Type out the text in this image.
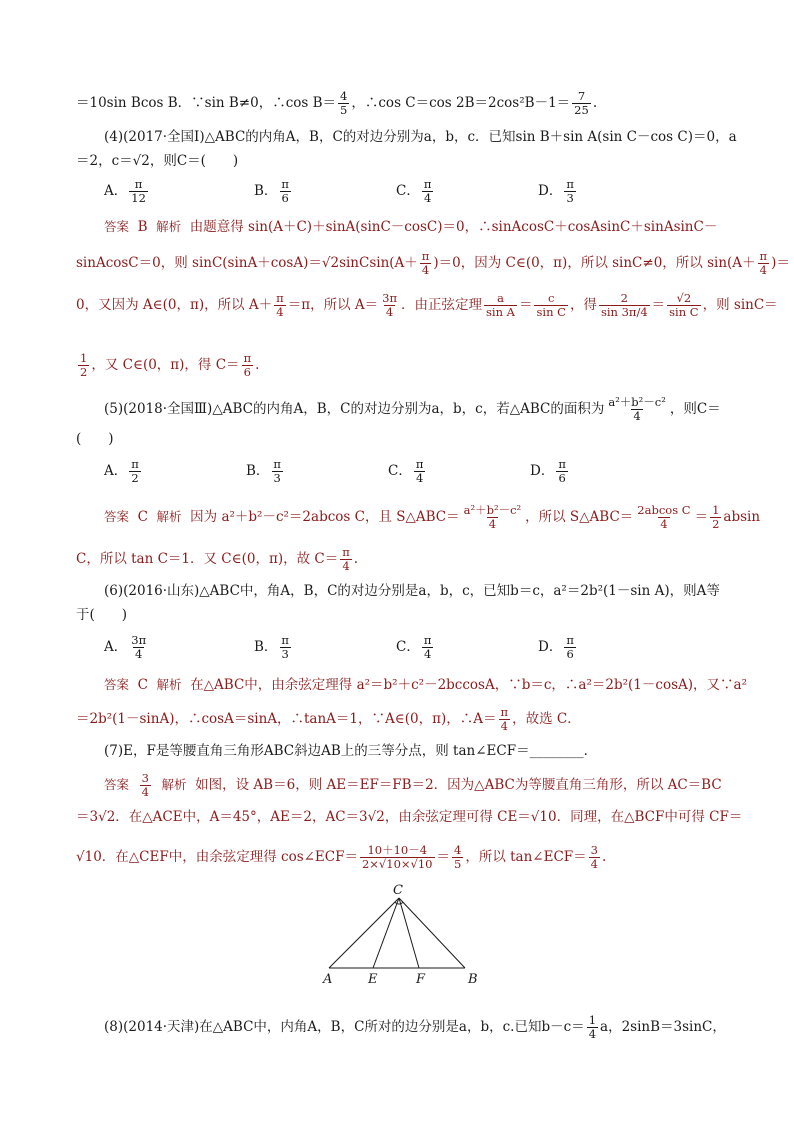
＝10sin Bcos B．∵sin B≠0，∴cos $B= \frac{4}{5}$ ，∴cos C＝cos $2B=2\cos^2B-1= \frac{7}{25}$ .
(4)(2017·全国Ⅰ)△ABC的内角A，B，C的对边分别为a，b，c．已知sin B＋sin A(sin C－cos C)＝0，a
＝2，c＝√2，则C＝(　　)
A． $\frac{\pi}{12}$	B． $\frac{\pi}{6}$	C． $\frac{\pi}{4}$	D． $\frac{\pi}{3}$
答案 B 解析 由题意得 sin(A＋C)＋sinA(sinC－cosC)＝0，∴sinAcosC＋cosAsinC＋sinAsinC－
sinAcosC＝0，则 sinC(sinA＋cosA)＝√2sinCsin(A＋ $\frac{\pi}{4} )=0$，因为 C∈(0，π)，所以 sinC≠0，所以 $\sin(A+ \frac{\pi}{4}$ )＝
0，又因为 A∈(0，π)，所以 $A+ \frac{\pi}{4} =\pi$，所以 $A= \frac{3\pi}{4}$ ．由正弦定理 $\frac{a}{\text{sin A}} = \frac{c}{\text{sin C}}$ ，得 $\frac{2}{\sin 3\pi/4} = \frac{√2}{\text{sin C}}$ ，则 sinC＝
$\frac{1}{2}$ ，又 C∈(0，π)，得 $C= \frac{\pi}{6}$ .
(5)(2018·全国Ⅲ)△ABC的内角A，B，C的对边分别为a，b，c，若△ABC的面积为 $\frac{\text{a²＋b²－c²}}{4}$ ，则C＝
(　　)
A． $\frac{\pi}{2}$	B． $\frac{\pi}{3}$	C． $\frac{\pi}{4}$	D． $\frac{\pi}{6}$
答案 C 解析 因为 a²＋b²－c²＝2abcos C，且 S△ABC＝ $\frac{\text{a²＋b²－c²}}{4}$ ，所以 S△ABC＝ $\frac{\text{2abcos C}}{4} = \frac{1}{2}$ absin
C，所以 tan C＝1．又 C∈(0，π)，故 $C= \frac{\pi}{4}$ .
(6)(2016·山东)△ABC中，角A，B，C的对边分别是a，b，c，已知b＝c，a²＝2b²(1－sin A)，则A等
于(　　)
A． $\frac{3\pi}{4}$	B． $\frac{\pi}{3}$	C． $\frac{\pi}{4}$	D． $\frac{\pi}{6}$
答案 C 解析 在△ABC中，由余弦定理得 a²＝b²＋c²－2bccosA，∵b＝c，∴a²＝2b²(1－cosA)，又∵a²
＝2b²(1－sinA)，∴cosA＝sinA，∴tanA＝1，∵A∈(0，π)，∴A＝ $\frac{\pi}{4}$ ，故选 C．
(7)E，F是等腰直角三角形ABC斜边AB上的三等分点，则 tan∠ECF＝________．
答案 $\frac{3}{4}$ 解析 如图，设 AB＝6，则 AE＝EF＝FB＝2．因为△ABC为等腰直角三角形，所以 AC＝BC
＝3√2．在△ACE中，A＝45°，AE＝2，AC＝3√2，由余弦定理可得 CE＝√10．同理，在△BCF中可得 CF＝
√10．在△CEF中，由余弦定理得 cos∠ECF＝ $\frac{10+10-4}{2\times√10\times√10} = \frac{4}{5}$ ，所以 tan∠ECF＝ $\frac{3}{4}$ .
C
A	E	F	B
(8)(2014·天津)在△ABC中，内角A，B，C所对的边分别是a，b，c.已知$b-c= \frac{1}{4}$ a，2sinB＝3sinC，
